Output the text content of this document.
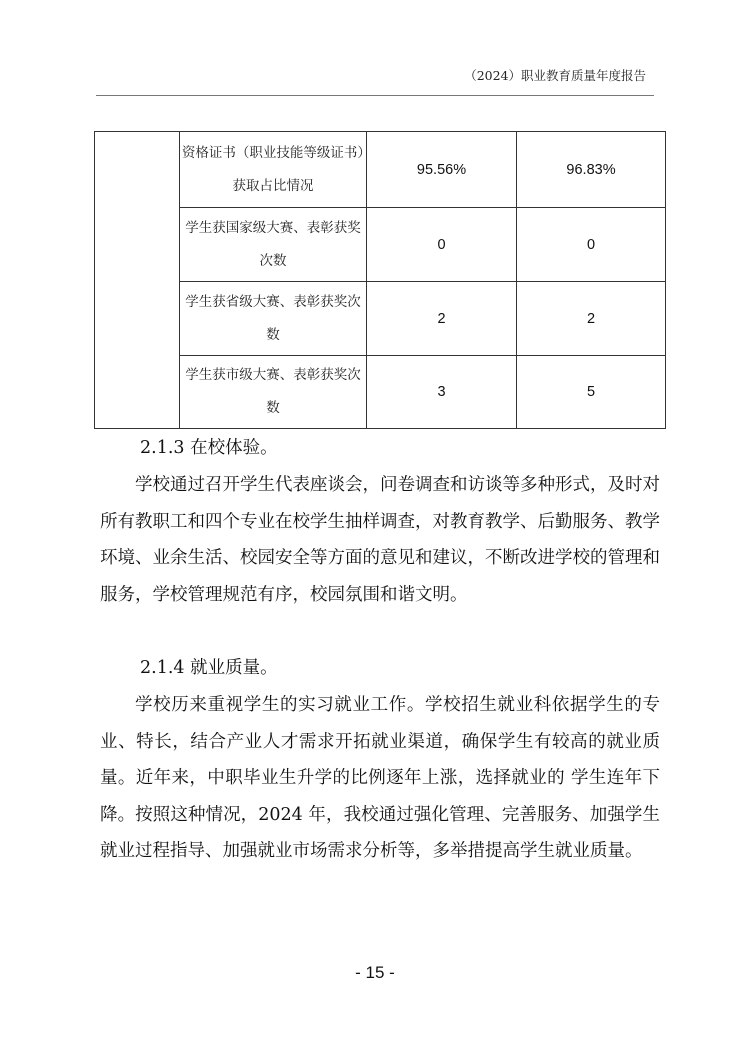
（2024）职业教育质量年度报告
	资格证书（职业技能等级证书）获取占比情况	95.56%	96.83%
	学生获国家级大赛、表彰获奖次数	0	0
	学生获省级大赛、表彰获奖次数	2	2
	学生获市级大赛、表彰获奖次数	3	5
2.1.3 在校体验。

学校通过召开学生代表座谈会，问卷调查和访谈等多种形式，及时对所有教职工和四个专业在校学生抽样调查，对教育教学、后勤服务、教学环境、业余生活、校园安全等方面的意见和建议，不断改进学校的管理和服务，学校管理规范有序，校园氛围和谐文明。

2.1.4 就业质量。

学校历来重视学生的实习就业工作。学校招生就业科依据学生的专业、特长，结合产业人才需求开拓就业渠道，确保学生有较高的就业质量。近年来，中职毕业生升学的比例逐年上涨，选择就业的 学生连年下降。按照这种情况，2024 年，我校通过强化管理、完善服务、加强学生就业过程指导、加强就业市场需求分析等，多举措提高学生就业质量。

- 15 -
